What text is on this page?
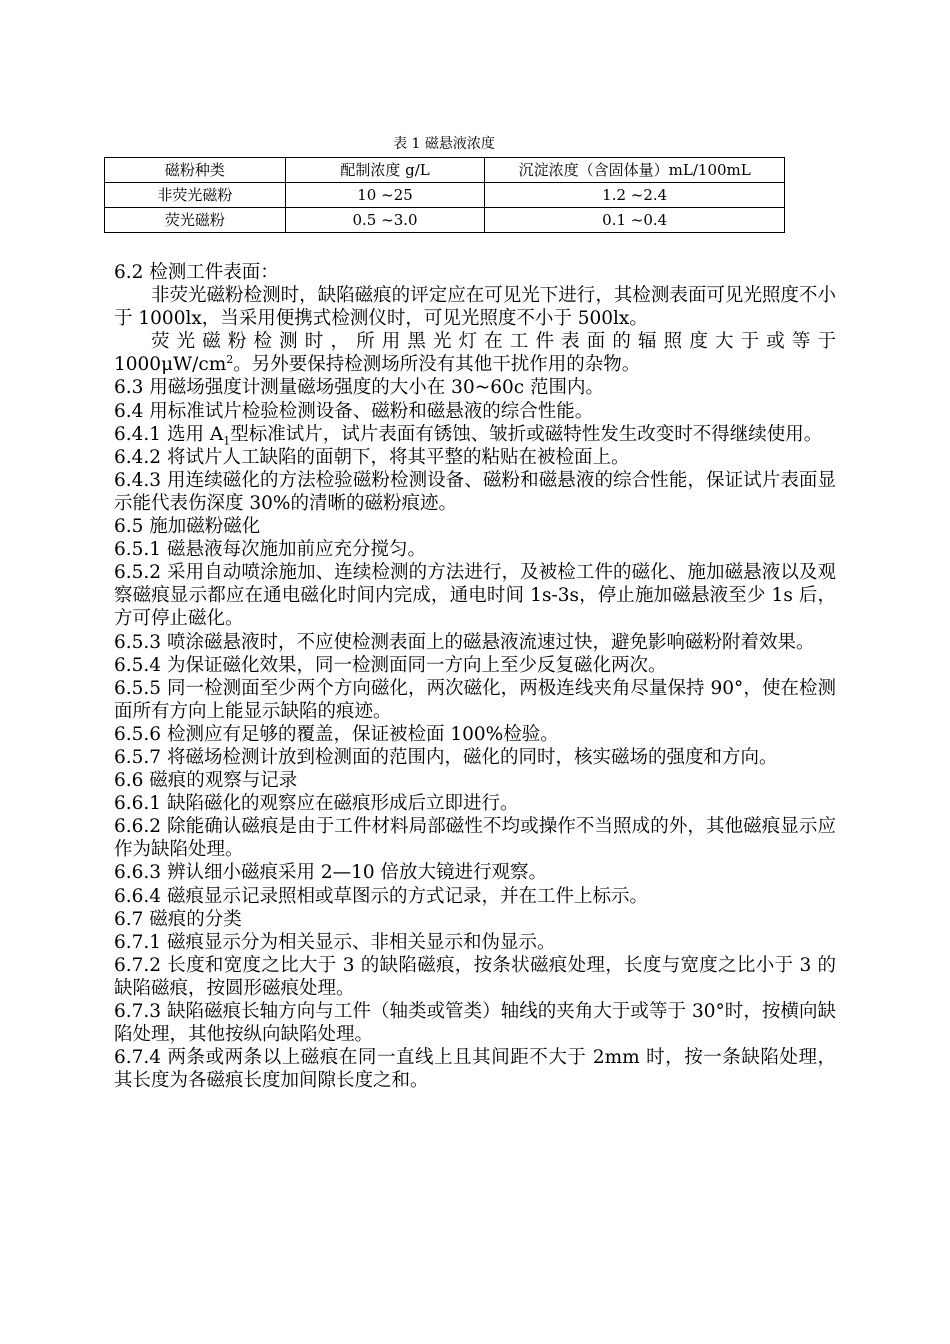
表 1 磁悬液浓度
磁粉种类	配制浓度 g/L	沉淀浓度（含固体量）mL/100mL
非荧光磁粉	10 ~25	1.2 ~2.4
荧光磁粉	0.5 ~3.0	0.1 ~0.4

6.2 检测工件表面：

非荧光磁粉检测时，缺陷磁痕的评定应在可见光下进行，其检测表面可见光照度不小于 1000lx，当采用便携式检测仪时，可见光照度不小于 500lx。

荧光磁粉检测时，所用黑光灯在工件表面的辐照度大于或等于

$1000\mu W/cm^2$。另外要保持检测场所没有其他干扰作用的杂物。

6.3 用磁场强度计测量磁场强度的大小在 30~60c 范围内。

6.4 用标准试片检验检测设备、磁粉和磁悬液的综合性能。

6.4.1 选用 $A_1$型标准试片，试片表面有锈蚀、皱折或磁特性发生改变时不得继续使用。

6.4.2 将试片人工缺陷的面朝下，将其平整的粘贴在被检面上。

6.4.3 用连续磁化的方法检验磁粉检测设备、磁粉和磁悬液的综合性能，保证试片表面显示能代表伤深度 30%的清晰的磁粉痕迹。

6.5 施加磁粉磁化

6.5.1 磁悬液每次施加前应充分搅匀。

6.5.2 采用自动喷涂施加、连续检测的方法进行，及被检工件的磁化、施加磁悬液以及观察磁痕显示都应在通电磁化时间内完成，通电时间 1s-3s，停止施加磁悬液至少 1s 后，方可停止磁化。

6.5.3 喷涂磁悬液时，不应使检测表面上的磁悬液流速过快，避免影响磁粉附着效果。

6.5.4 为保证磁化效果，同一检测面同一方向上至少反复磁化两次。

6.5.5 同一检测面至少两个方向磁化，两次磁化，两极连线夹角尽量保持 90°，使在检测面所有方向上能显示缺陷的痕迹。

6.5.6 检测应有足够的覆盖，保证被检面 100%检验。

6.5.7 将磁场检测计放到检测面的范围内，磁化的同时，核实磁场的强度和方向。

6.6 磁痕的观察与记录

6.6.1 缺陷磁化的观察应在磁痕形成后立即进行。

6.6.2 除能确认磁痕是由于工件材料局部磁性不均或操作不当照成的外，其他磁痕显示应作为缺陷处理。

6.6.3 辨认细小磁痕采用 2—10 倍放大镜进行观察。

6.6.4 磁痕显示记录照相或草图示的方式记录，并在工件上标示。

6.7 磁痕的分类

6.7.1 磁痕显示分为相关显示、非相关显示和伪显示。

6.7.2 长度和宽度之比大于 3 的缺陷磁痕，按条状磁痕处理，长度与宽度之比小于 3 的缺陷磁痕，按圆形磁痕处理。

6.7.3 缺陷磁痕长轴方向与工件（轴类或管类）轴线的夹角大于或等于 30°时，按横向缺陷处理，其他按纵向缺陷处理。

6.7.4 两条或两条以上磁痕在同一直线上且其间距不大于 2mm 时，按一条缺陷处理，其长度为各磁痕长度加间隙长度之和。
